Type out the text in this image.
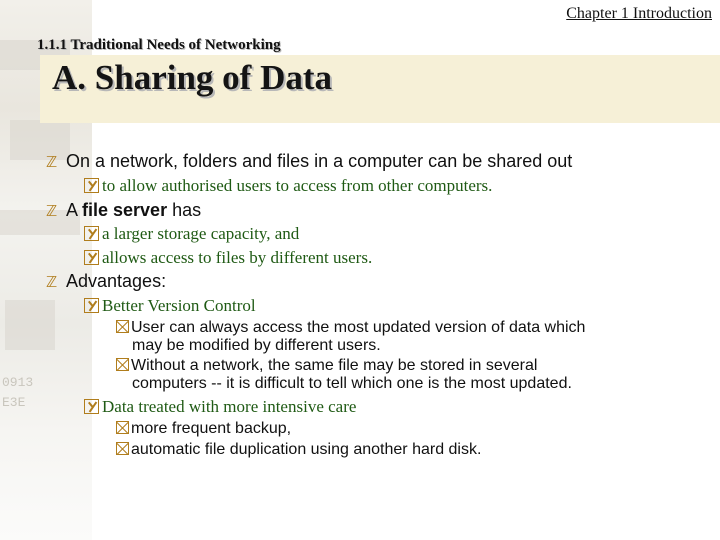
0913
E3E
Chapter 1 Introduction
1.1.1 Traditional Needs of Networking
A. Sharing of Data
ℤ On a network, folders and files in a computer can be shared out
to allow authorised users to access from other computers.
ℤ A file server has
a larger storage capacity, and
allows access to files by different users.
ℤ Advantages:
Better Version Control
User can always access the most updated version of data which
may be modified by different users.
Without a network, the same file may be stored in several
computers -- it is difficult to tell which one is the most updated.
Data treated with more intensive care
more frequent backup,
automatic file duplication using another hard disk.
